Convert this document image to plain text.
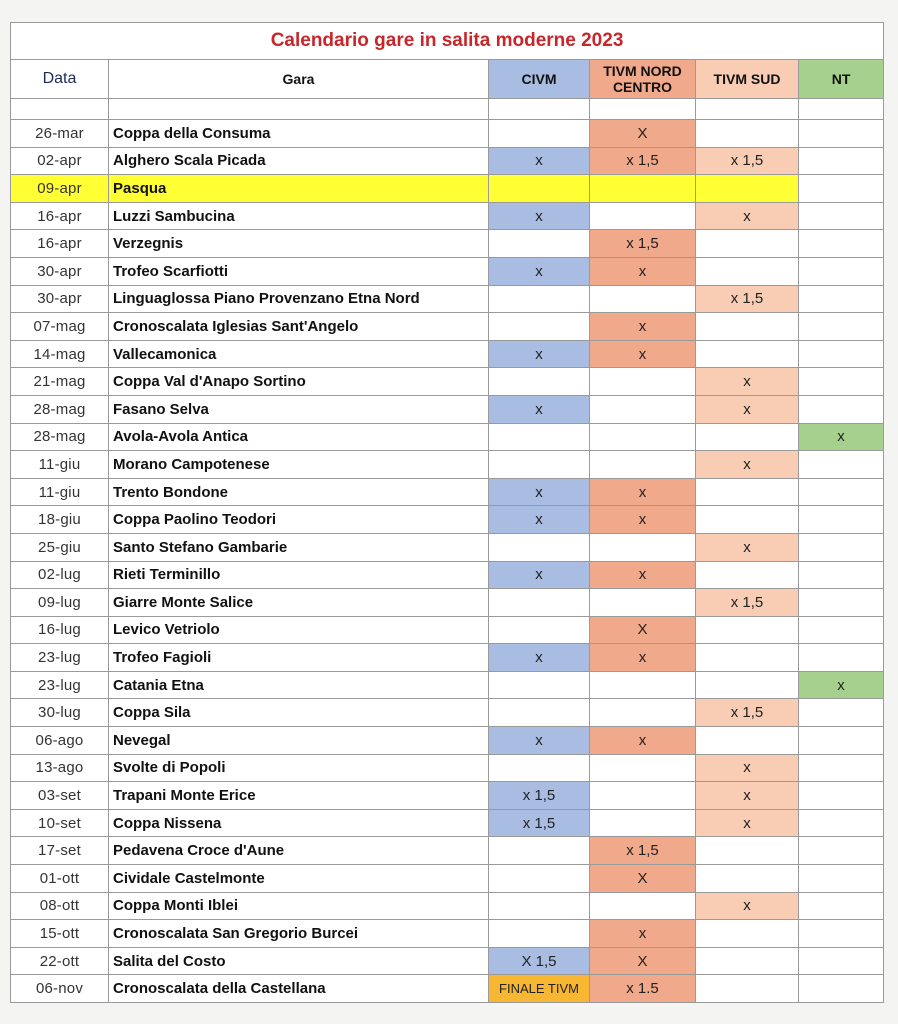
Calendario gare in salita moderne 2023					
Data	Gara	CIVM	TIVM NORD
CENTRO	TIVM SUD	NT

26-mar	Coppa della Consuma		X		
02-apr	Alghero Scala Picada	x	x 1,5	x 1,5	
09-apr	Pasqua				
16-apr	Luzzi Sambucina	x		x	
16-apr	Verzegnis		x 1,5		
30-apr	Trofeo Scarfiotti	x	x		
30-apr	Linguaglossa Piano Provenzano Etna Nord			x 1,5	
07-mag	Cronoscalata Iglesias Sant'Angelo		x		
14-mag	Vallecamonica	x	x		
21-mag	Coppa Val d'Anapo Sortino			x	
28-mag	Fasano Selva	x		x	
28-mag	Avola-Avola Antica				x
11-giu	Morano Campotenese			x	
11-giu	Trento Bondone	x	x		
18-giu	Coppa Paolino Teodori	x	x		
25-giu	Santo Stefano Gambarie			x	
02-lug	Rieti Terminillo	x	x		
09-lug	Giarre Monte Salice			x 1,5	
16-lug	Levico Vetriolo		X		
23-lug	Trofeo Fagioli	x	x		
23-lug	Catania Etna				x
30-lug	Coppa Sila			x 1,5	
06-ago	Nevegal	x	x		
13-ago	Svolte di Popoli			x	
03-set	Trapani Monte Erice	x 1,5		x	
10-set	Coppa Nissena	x 1,5		x	
17-set	Pedavena Croce d'Aune		x 1,5		
01-ott	Cividale Castelmonte		X		
08-ott	Coppa Monti Iblei			x	
15-ott	Cronoscalata San Gregorio Burcei		x		
22-ott	Salita del Costo	X 1,5	X		
06-nov	Cronoscalata della Castellana	FINALE TIVM	x 1.5		
